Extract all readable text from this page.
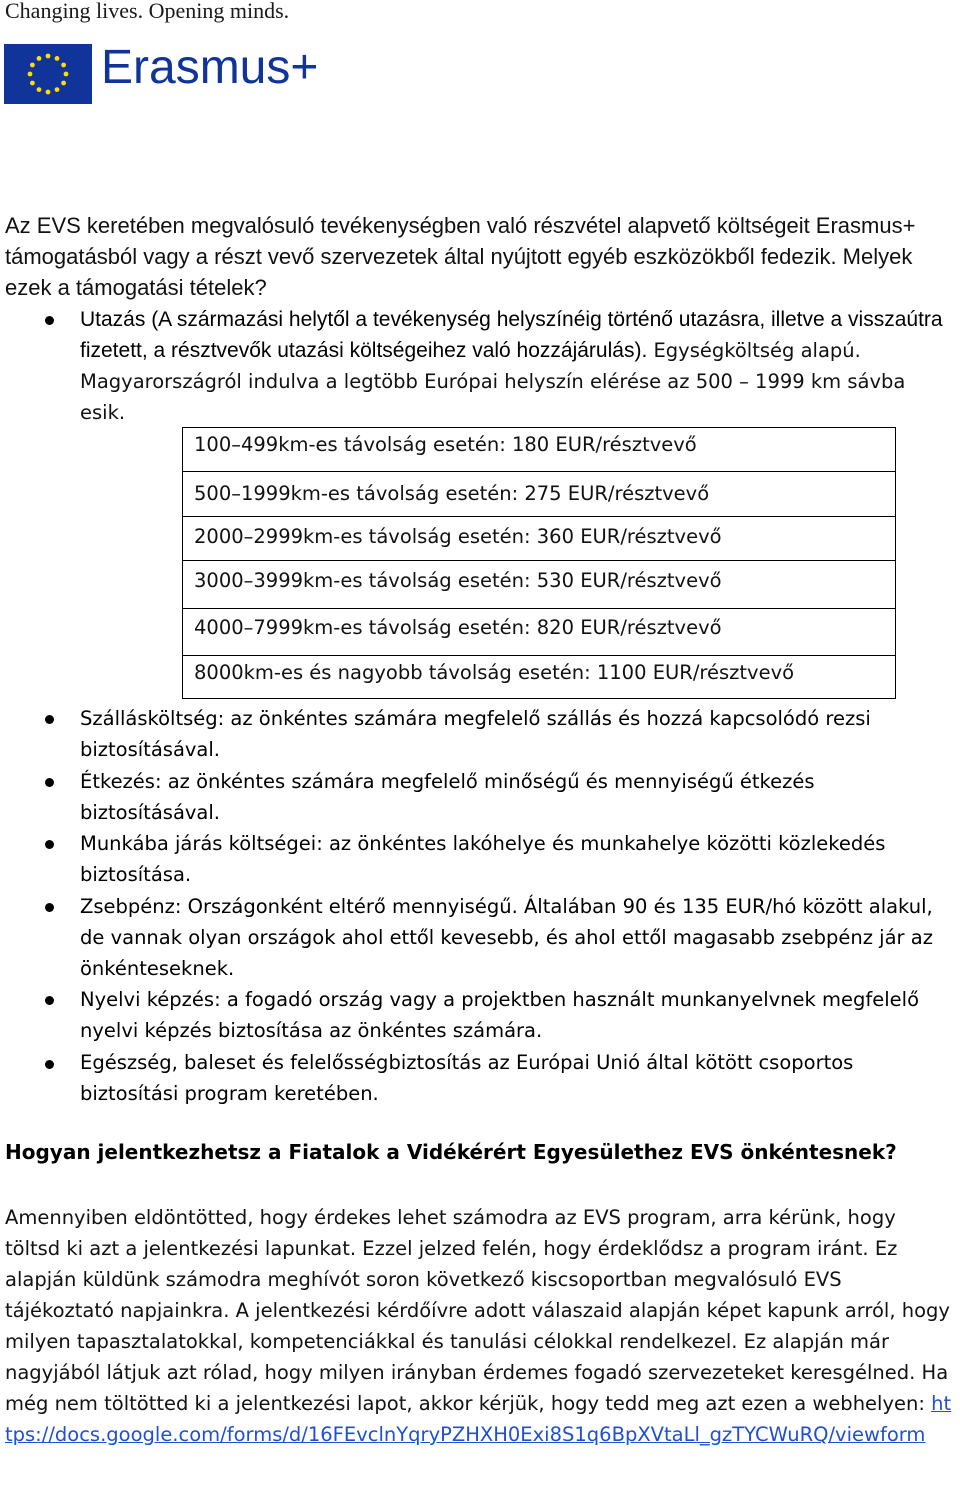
Changing lives. Opening minds.
Erasmus+
Az EVS keretében megvalósuló tevékenységben való részvétel alapvető költségeit Erasmus+ támogatásból vagy a részt vevő szervezetek által nyújtott egyéb eszközökből fedezik. Melyek ezek a támogatási tételek?
Utazás (A származási helytől a tevékenység helyszínéig történő utazásra, illetve a visszaútra fizetett, a résztvevők utazási költségeihez való hozzájárulás). Egységköltség alapú. Magyarországról indulva a legtöbb Európai helyszín elérése az 500 – 1999 km sávba esik.
100–499km-es távolság esetén: 180 EUR/résztvevő
500–1999km-es távolság esetén: 275 EUR/résztvevő
2000–2999km-es távolság esetén: 360 EUR/résztvevő
3000–3999km-es távolság esetén: 530 EUR/résztvevő
4000–7999km-es távolság esetén: 820 EUR/résztvevő
8000km-es és nagyobb távolság esetén: 1100 EUR/résztvevő
Szállásköltség: az önkéntes számára megfelelő szállás és hozzá kapcsolódó rezsi biztosításával.
Étkezés: az önkéntes számára megfelelő minőségű és mennyiségű étkezés biztosításával.
Munkába járás költségei: az önkéntes lakóhelye és munkahelye közötti közlekedés biztosítása.
Zsebpénz: Országonként eltérő mennyiségű. Általában 90 és 135 EUR/hó között alakul, de vannak olyan országok ahol ettől kevesebb, és ahol ettől magasabb zsebpénz jár az önkénteseknek.
Nyelvi képzés: a fogadó ország vagy a projektben használt munkanyelvnek megfelelő nyelvi képzés biztosítása az önkéntes számára.
Egészség, baleset és felelősségbiztosítás az Európai Unió által kötött csoportos biztosítási program keretében.
Hogyan jelentkezhetsz a Fiatalok a Vidékérért Egyesülethez EVS önkéntesnek?
Amennyiben eldöntötted, hogy érdekes lehet számodra az EVS program, arra kérünk, hogy töltsd ki azt a jelentkezési lapunkat. Ezzel jelzed felén, hogy érdeklődsz a program iránt. Ez alapján küldünk számodra meghívót soron következő kiscsoportban megvalósuló EVS tájékoztató napjainkra. A jelentkezési kérdőívre adott válaszaid alapján képet kapunk arról, hogy milyen tapasztalatokkal, kompetenciákkal és tanulási célokkal rendelkezel. Ez alapján már nagyjából látjuk azt rólad, hogy milyen irányban érdemes fogadó szervezeteket keresgélned. Ha még nem töltötted ki a jelentkezési lapot, akkor kérjük, hogy tedd meg azt ezen a webhelyen: https://docs.google.com/forms/d/16FEvclnYqryPZHXH0Exi8S1q6BpXVtaLl_gzTYCWuRQ/viewform
